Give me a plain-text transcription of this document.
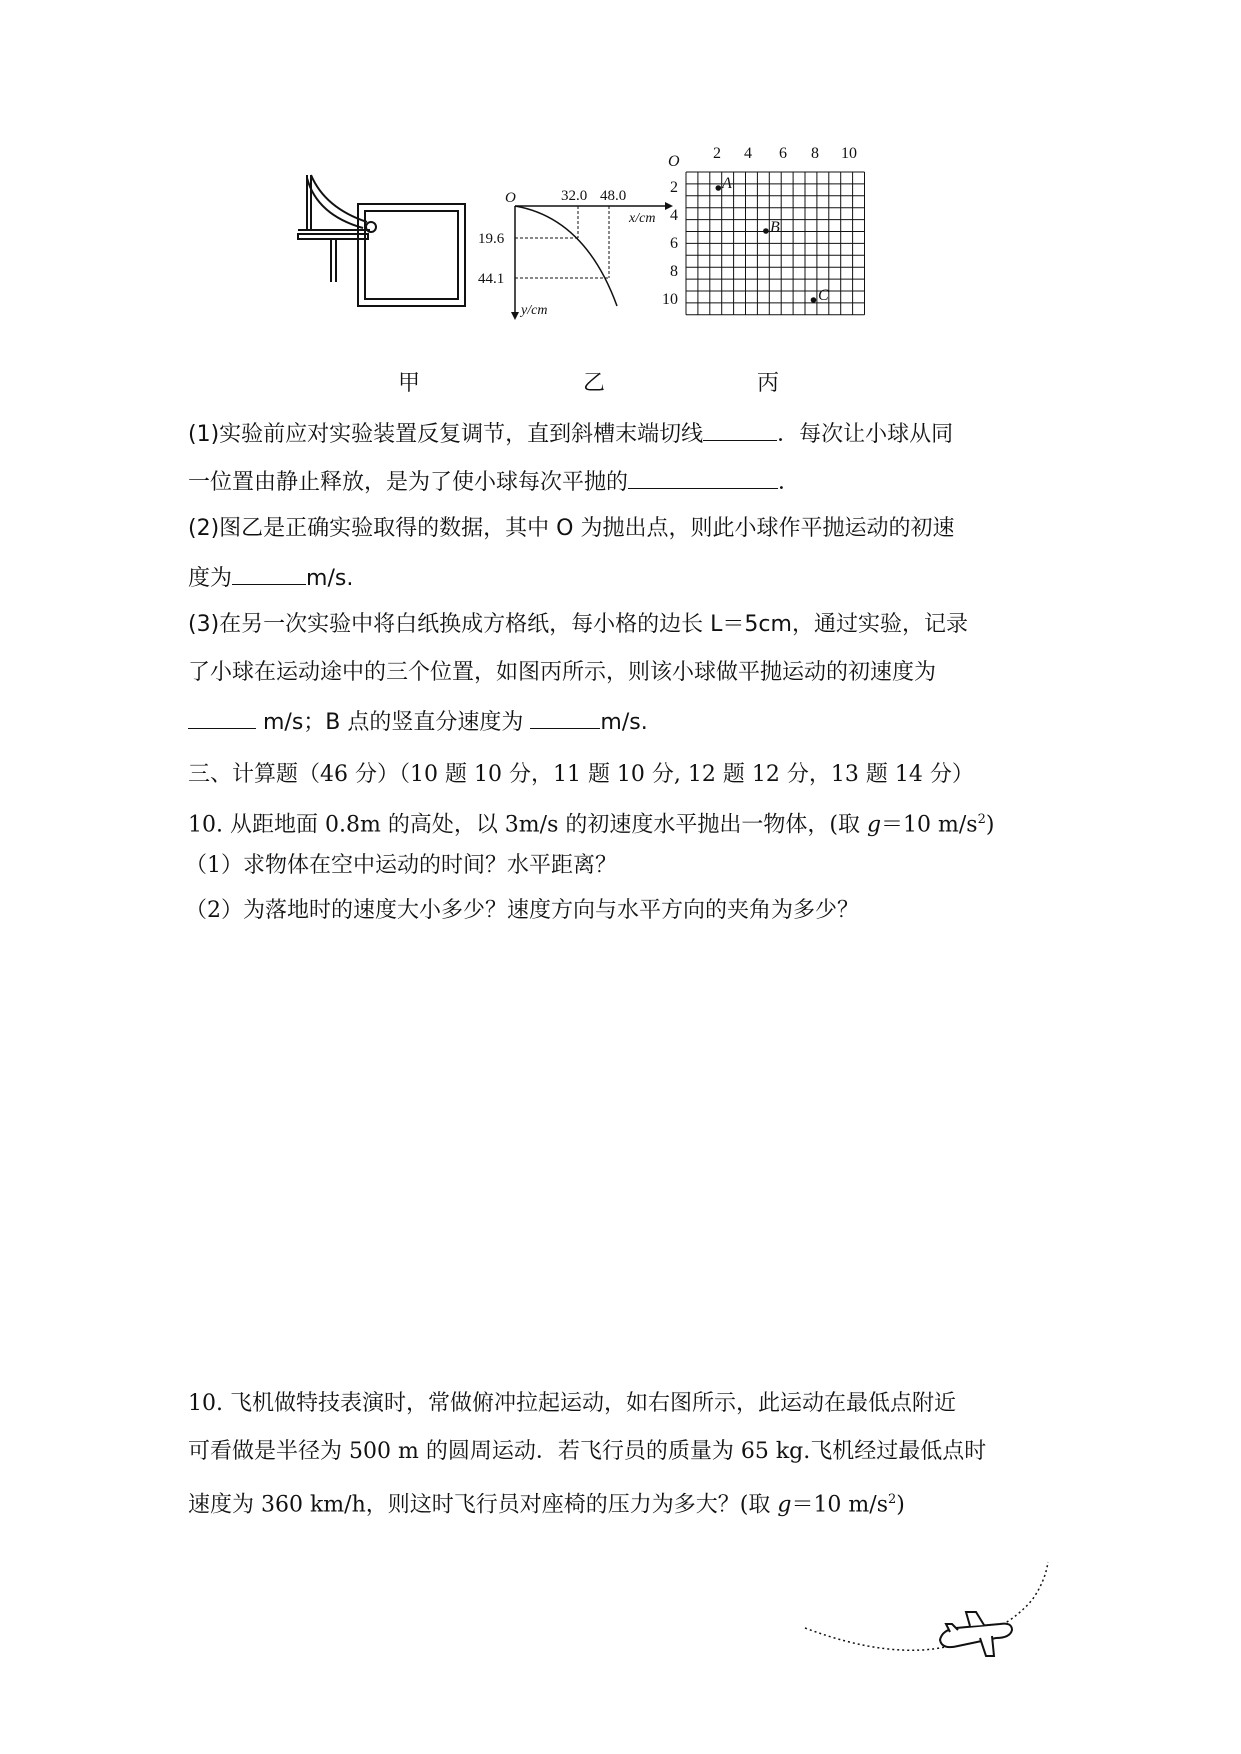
O	32.0 48.0
x/cm
y/cm
19.6
44.1
O 2 4 6 8 10
2
4
6
8
10
A
B
C
甲	乙	丙
(1)实验前应对实验装置反复调节，直到斜槽末端切线	．每次让小球从同
一位置由静止释放，是为了使小球每次平抛的	．
(2)图乙是正确实验取得的数据，其中 O 为抛出点，则此小球作平抛运动的初速
度为	m/s.
(3)在另一次实验中将白纸换成方格纸，每小格的边长 L＝5cm，通过实验，记录
了小球在运动途中的三个位置，如图丙所示，则该小球做平抛运动的初速度为
m/s；B 点的竖直分速度为	m/s.
三、计算题（46 分）（10 题 10 分，11 题 10 分, 12 题 12 分，13 题 14 分）
10. 从距地面 0.8m 的高处，以 3m/s 的初速度水平抛出一物体，(取 g＝10 $m/s^2$)
（1）求物体在空中运动的时间？水平距离？
（2）为落地时的速度大小多少？速度方向与水平方向的夹角为多少？
10. 飞机做特技表演时，常做俯冲拉起运动，如右图所示，此运动在最低点附近
可看做是半径为 500 m 的圆周运动．若飞行员的质量为 65 kg.飞机经过最低点时
速度为 360 km/h，则这时飞行员对座椅的压力为多大？(取 g＝10 $m/s^2$)
